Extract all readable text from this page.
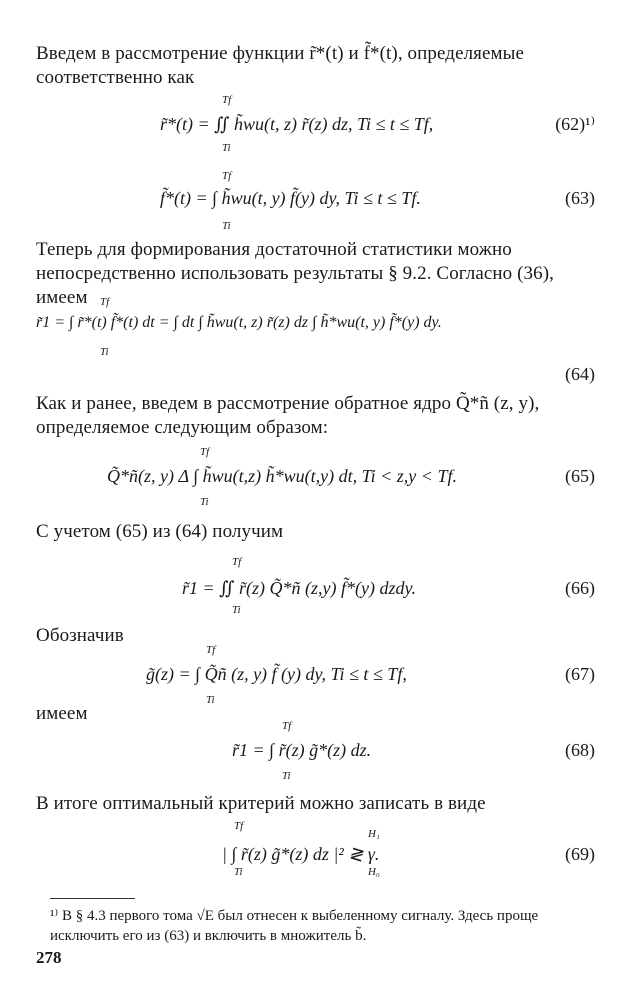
Введем в рассмотрение функции r̃*(t) и f̃*(t), определяемые соответственно как
Tf
Ti
r̃*(t) = ∬ h̃wu(t, z) r̃(z) dz, Ti ≤ t ≤ Tf,	(62)¹⁾
Tf
Ti
f̃*(t) = ∫ h̃wu(t, y) f̃(y) dy, Ti ≤ t ≤ Tf.	(63)
Теперь для формирования достаточной статистики можно непосредственно использовать результаты § 9.2. Согласно (36), имеем	Tf
Ti
r̃1 = ∫ r̃*(t) f̃*(t) dt = ∫ dt ∫ h̃wu(t, z) r̃(z) dz ∫ h̃*wu(t, y) f̃*(y) dy.
(64)
Как и ранее, введем в рассмотрение обратное ядро Q̃*ñ (z, y), определяемое следующим образом:
Tf
Ti
Q̃*ñ(z, y) Δ ∫ h̃wu(t,z) h̃*wu(t,y) dt, Ti < z,y < Tf.	(65)
С учетом (65) из (64) получим
Tf
Ti
r̃1 = ∬ r̃(z) Q̃*ñ (z,y) f̃*(y) dzdy.	(66)
Обозначив
Tf
Ti
g̃(z) = ∫ Q̃ñ (z, y) f̃ (y) dy, Ti ≤ t ≤ Tf,	(67)
имеем
Tf
Ti
r̃1 = ∫ r̃(z) g̃*(z) dz.	(68)
В итоге оптимальный критерий можно записать в виде
Tf
Ti
H₁
H₀
| ∫ r̃(z) g̃*(z) dz |² ≷ γ.	(69)
¹⁾ В § 4.3 первого тома √E был отнесен к выбеленному сигналу. Здесь проще исключить его из (63) и включить в множитель b̃.
278
